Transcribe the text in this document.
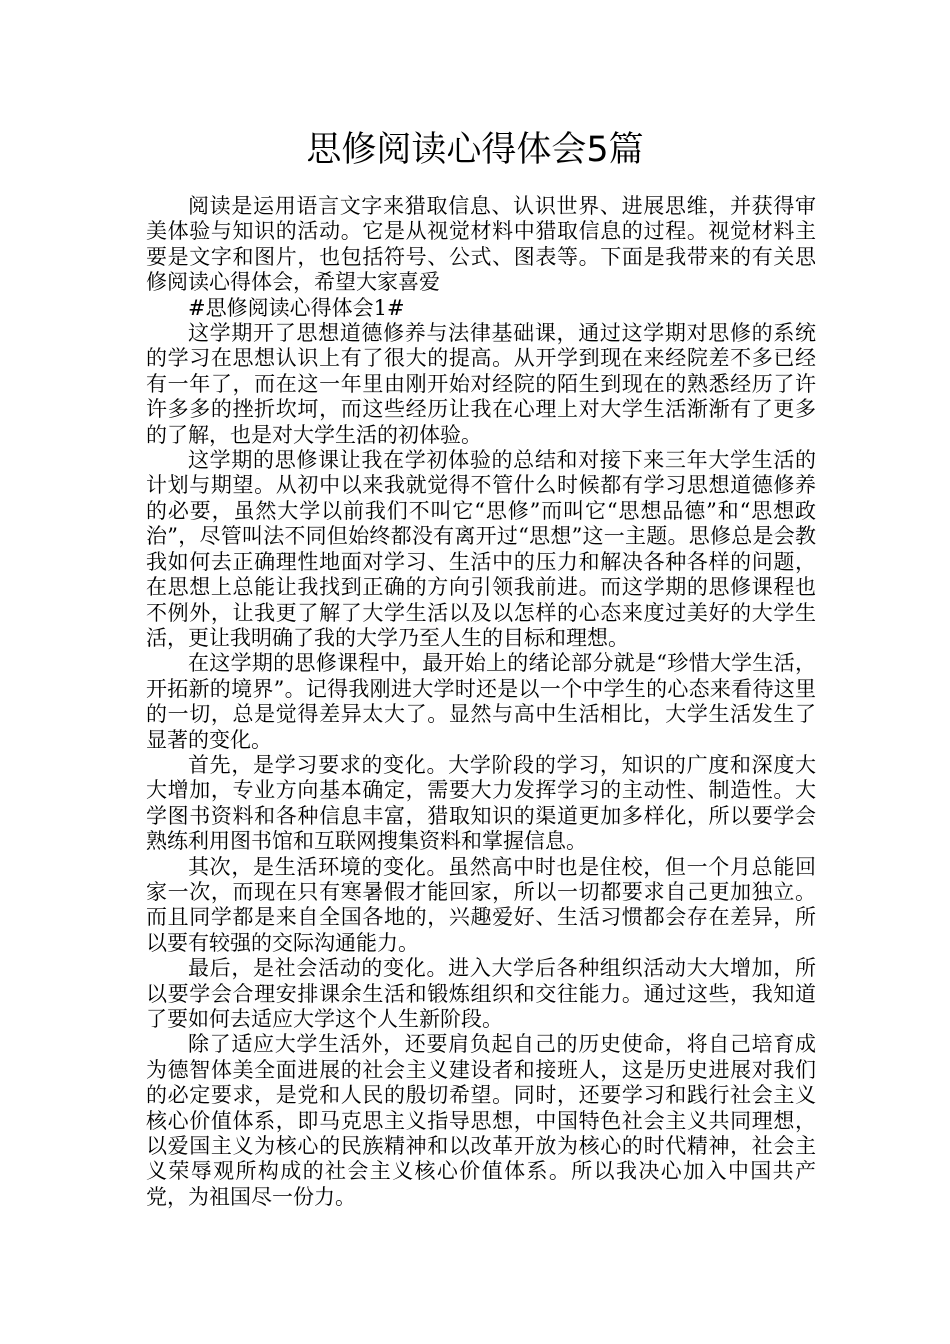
思修阅读心得体会5篇

阅读是运用语言文字来猎取信息、认识世界、进展思维，并获得审美体验与知识的活动。它是从视觉材料中猎取信息的过程。视觉材料主要是文字和图片，也包括符号、公式、图表等。下面是我带来的有关思修阅读心得体会，希望大家喜爱

#思修阅读心得体会1#

这学期开了思想道德修养与法律基础课，通过这学期对思修的系统的学习在思想认识上有了很大的提高。从开学到现在来经院差不多已经有一年了，而在这一年里由刚开始对经院的陌生到现在的熟悉经历了许许多多的挫折坎坷，而这些经历让我在心理上对大学生活渐渐有了更多的了解，也是对大学生活的初体验。

这学期的思修课让我在学初体验的总结和对接下来三年大学生活的计划与期望。从初中以来我就觉得不管什么时候都有学习思想道德修养的必要，虽然大学以前我们不叫它“思修”而叫它“思想品德”和“思想政治”，尽管叫法不同但始终都没有离开过“思想”这一主题。思修总是会教我如何去正确理性地面对学习、生活中的压力和解决各种各样的问题，在思想上总能让我找到正确的方向引领我前进。而这学期的思修课程也不例外，让我更了解了大学生活以及以怎样的心态来度过美好的大学生活，更让我明确了我的大学乃至人生的目标和理想。

在这学期的思修课程中，最开始上的绪论部分就是“珍惜大学生活，开拓新的境界”。记得我刚进大学时还是以一个中学生的心态来看待这里的一切，总是觉得差异太大了。显然与高中生活相比，大学生活发生了显著的变化。

首先，是学习要求的变化。大学阶段的学习，知识的广度和深度大大增加，专业方向基本确定，需要大力发挥学习的主动性、制造性。大学图书资料和各种信息丰富，猎取知识的渠道更加多样化，所以要学会熟练利用图书馆和互联网搜集资料和掌握信息。

其次，是生活环境的变化。虽然高中时也是住校，但一个月总能回家一次，而现在只有寒暑假才能回家，所以一切都要求自己更加独立。而且同学都是来自全国各地的，兴趣爱好、生活习惯都会存在差异，所以要有较强的交际沟通能力。

最后，是社会活动的变化。进入大学后各种组织活动大大增加，所以要学会合理安排课余生活和锻炼组织和交往能力。通过这些，我知道了要如何去适应大学这个人生新阶段。

除了适应大学生活外，还要肩负起自己的历史使命，将自己培育成为德智体美全面进展的社会主义建设者和接班人，这是历史进展对我们的必定要求，是党和人民的殷切希望。同时，还要学习和践行社会主义核心价值体系，即马克思主义指导思想，中国特色社会主义共同理想，以爱国主义为核心的民族精神和以改革开放为核心的时代精神，社会主义荣辱观所构成的社会主义核心价值体系。所以我决心加入中国共产党，为祖国尽一份力。
